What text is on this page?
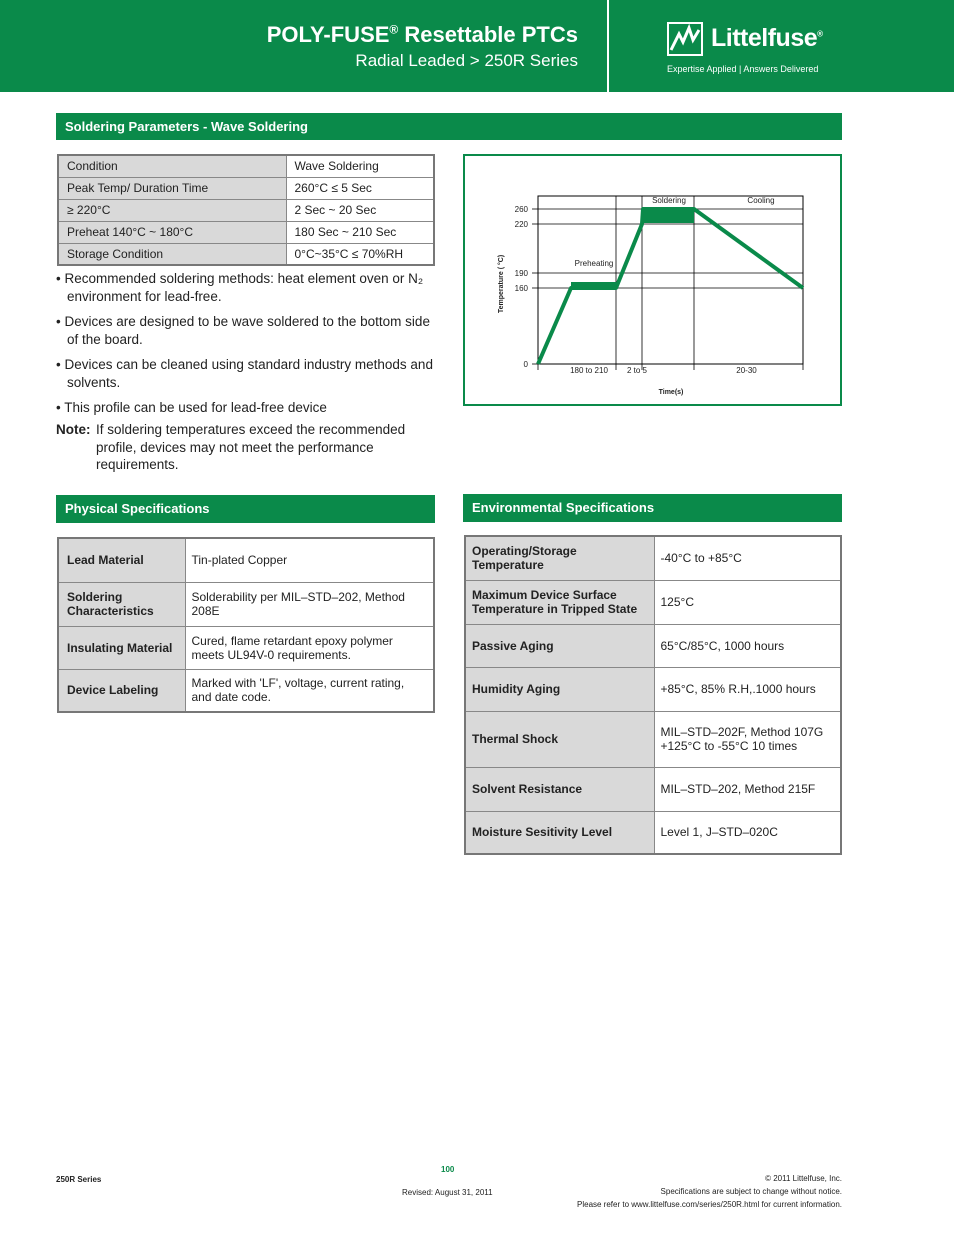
POLY-FUSE® Resettable PTCs
Radial Leaded > 250R Series
Littelfuse®
Expertise Applied | Answers Delivered
Soldering Parameters - Wave Soldering
Condition	Wave Soldering
Peak Temp/ Duration Time	260°C ≤ 5 Sec
≥ 220°C	2 Sec ~ 20 Sec
Preheat 140°C ~ 180°C	180 Sec ~ 210 Sec
Storage Condition	0°C~35°C ≤ 70%RH

• Recommended soldering methods: heat element oven or N₂ environment for lead-free.

• Devices are designed to be wave soldered to the bottom side of the board.

• Devices can be cleaned using standard industry methods and solvents.

• This profile can be used for lead-free device

Note: If soldering temperatures exceed the recommended profile, devices may not meet the performance requirements.
0
160
190
220
260
180 to 210 2 to 5	20-30
Preheating
Soldering	Cooling
Temperature ( °C)
Time(s)
Physical Specifications
Lead Material	Tin-plated Copper
Soldering Characteristics	Solderability per MIL–STD–202, Method 208E
Insulating Material	Cured, flame retardant epoxy polymer meets UL94V-0 requirements.
Device Labeling	Marked with 'LF', voltage, current rating, and date code.
Environmental Specifications
Operating/Storage Temperature	-40°C to +85°C
Maximum Device Surface Temperature in Tripped State	125°C
Passive Aging	65°C/85°C, 1000 hours
Humidity Aging	+85°C, 85% R.H,.1000 hours
Thermal Shock	MIL–STD–202F, Method 107G +125°C to -55°C 10 times
Solvent Resistance	MIL–STD–202, Method 215F
Moisture Sesitivity Level	Level 1, J–STD–020C
250R Series
100
Revised: August 31, 2011
© 2011 Littelfuse, Inc.
Specifications are subject to change without notice.
Please refer to www.littelfuse.com/series/250R.html for current information.
